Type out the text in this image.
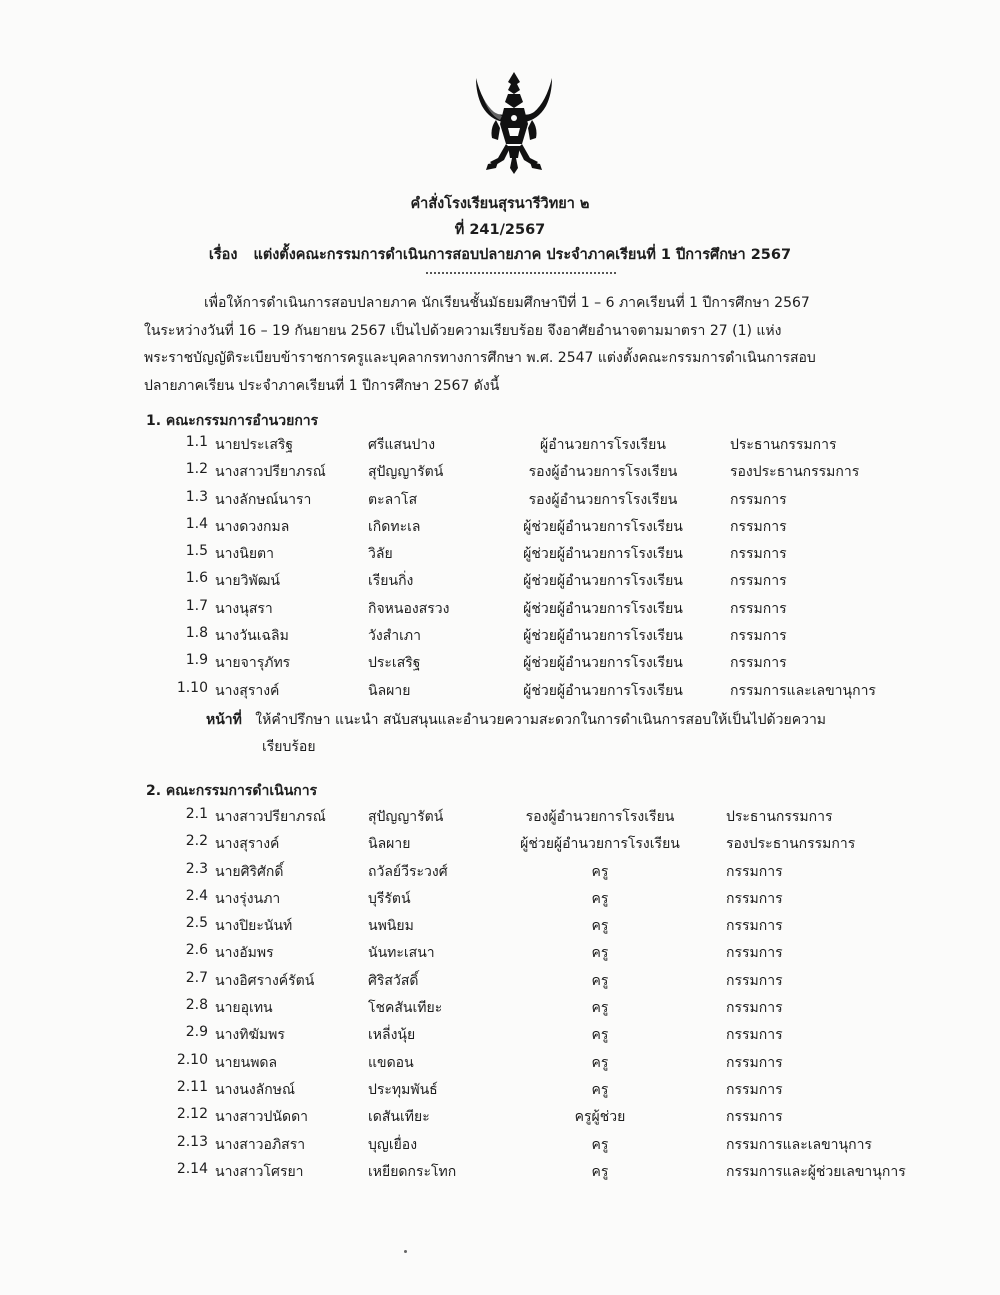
คำสั่งโรงเรียนสุรนารีวิทยา ๒
ที่ 241/2567
เรื่อง แต่งตั้งคณะกรรมการดำเนินการสอบปลายภาค ประจำภาคเรียนที่ 1 ปีการศึกษา 2567
เพื่อให้การดำเนินการสอบปลายภาค นักเรียนชั้นมัธยมศึกษาปีที่ 1 – 6 ภาคเรียนที่ 1 ปีการศึกษา 2567
ในระหว่างวันที่ 16 – 19 กันยายน 2567 เป็นไปด้วยความเรียบร้อย จึงอาศัยอำนาจตามมาตรา 27 (1) แห่ง
พระราชบัญญัติระเบียบข้าราชการครูและบุคลากรทางการศึกษา พ.ศ. 2547 แต่งตั้งคณะกรรมการดำเนินการสอบ
ปลายภาคเรียน ประจำภาคเรียนที่ 1 ปีการศึกษา 2567 ดังนี้
1. คณะกรรมการอำนวยการ
1.1 นายประเสริฐ	ศรีแสนปาง	ผู้อำนวยการโรงเรียน	ประธานกรรมการ
1.2 นางสาวปรียาภรณ์	สุปัญญารัตน์	รองผู้อำนวยการโรงเรียน	รองประธานกรรมการ
1.3 นางลักษณ์นารา	ตะลาโส	รองผู้อำนวยการโรงเรียน	กรรมการ
1.4 นางดวงกมล	เกิดทะเล	ผู้ช่วยผู้อำนวยการโรงเรียน	กรรมการ
1.5 นางนิยตา	วิลัย	ผู้ช่วยผู้อำนวยการโรงเรียน	กรรมการ
1.6 นายวิพัฒน์	เรียนกิ่ง	ผู้ช่วยผู้อำนวยการโรงเรียน	กรรมการ
1.7 นางนุสรา	กิจหนองสรวง	ผู้ช่วยผู้อำนวยการโรงเรียน	กรรมการ
1.8 นางวันเฉลิม	วังสำเภา	ผู้ช่วยผู้อำนวยการโรงเรียน	กรรมการ
1.9 นายจารุภัทร	ประเสริฐ	ผู้ช่วยผู้อำนวยการโรงเรียน	กรรมการ
1.10 นางสุรางค์	นิลผาย	ผู้ช่วยผู้อำนวยการโรงเรียน	กรรมการและเลขานุการ
หน้าที่ ให้คำปรึกษา แนะนำ สนับสนุนและอำนวยความสะดวกในการดำเนินการสอบให้เป็นไปด้วยความ
เรียบร้อย
2. คณะกรรมการดำเนินการ
2.1 นางสาวปรียาภรณ์	สุปัญญารัตน์	รองผู้อำนวยการโรงเรียน	ประธานกรรมการ
2.2 นางสุรางค์	นิลผาย	ผู้ช่วยผู้อำนวยการโรงเรียน	รองประธานกรรมการ
2.3 นายศิริศักดิ์	ถวัลย์วีระวงศ์	ครู	กรรมการ
2.4 นางรุ่งนภา	บุรีรัตน์	ครู	กรรมการ
2.5 นางปิยะนันท์	นพนิยม	ครู	กรรมการ
2.6 นางอัมพร	นันทะเสนา	ครู	กรรมการ
2.7 นางอิศรางค์รัตน์	ศิริสวัสดิ์	ครู	กรรมการ
2.8 นายอุเทน	โชคสันเทียะ	ครู	กรรมการ
2.9 นางทิฆัมพร	เหลี่งนุ้ย	ครู	กรรมการ
2.10 นายนพดล	แขดอน	ครู	กรรมการ
2.11 นางนงลักษณ์	ประทุมพันธ์	ครู	กรรมการ
2.12 นางสาวปนัดดา	เดสันเทียะ	ครูผู้ช่วย	กรรมการ
2.13 นางสาวอภิสรา	บุญเยื่อง	ครู	กรรมการและเลขานุการ
2.14 นางสาวโศรยา	เหยียดกระโทก	ครู	กรรมการและผู้ช่วยเลขานุการ
